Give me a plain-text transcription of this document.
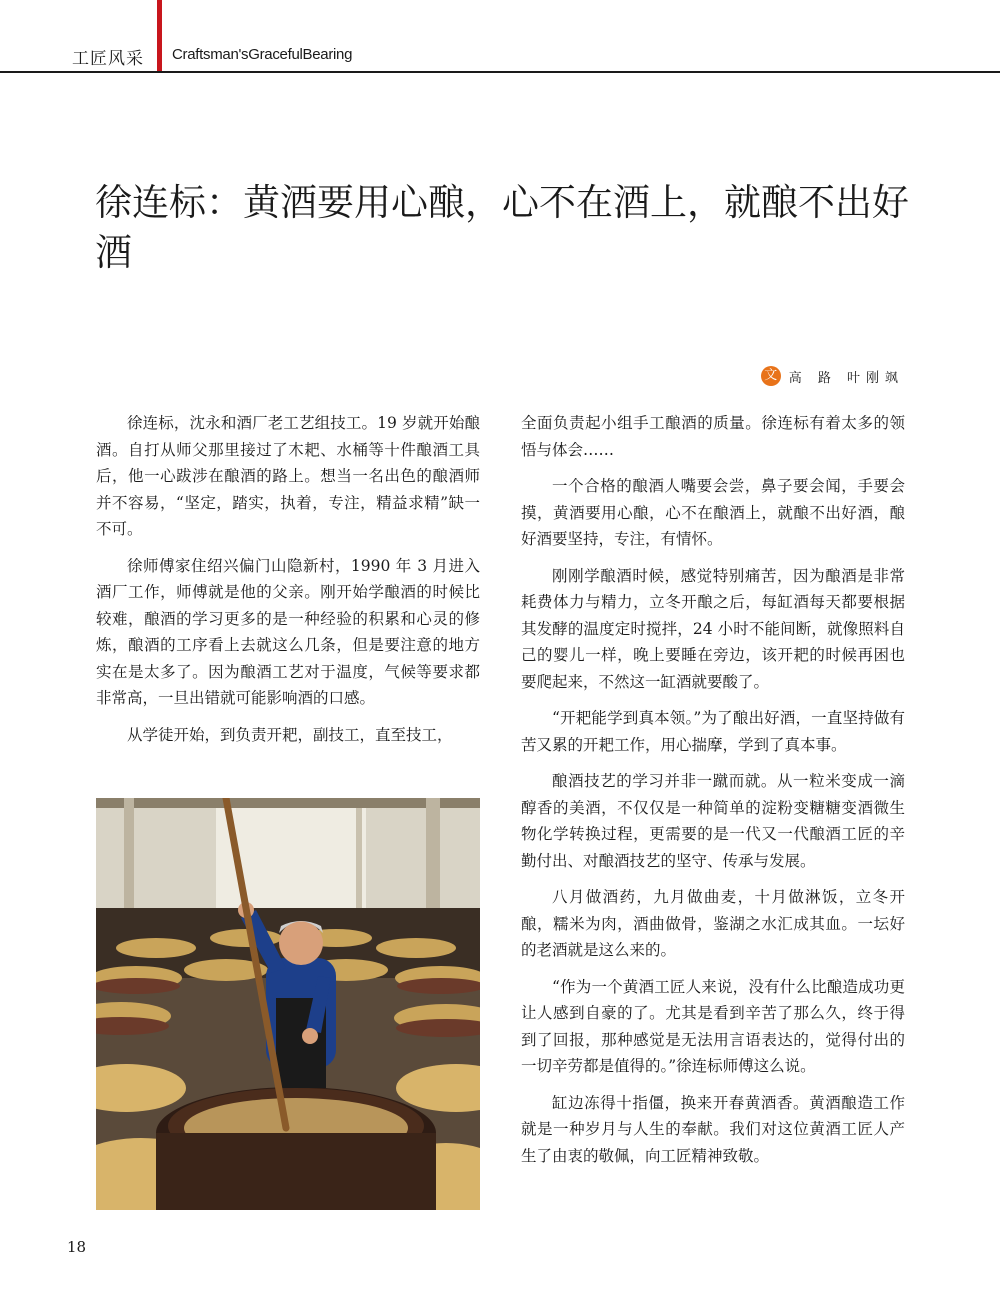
工匠风采 Craftsman'sGracefulBearing
徐连标：黄酒要用心酿，心不在酒上，就酿不出好酒
文 高 路 叶刚飒

徐连标，沈永和酒厂老工艺组技工。19 岁就开始酿酒。自打从师父那里接过了木耙、水桶等十件酿酒工具后，他一心跋涉在酿酒的路上。想当一名出色的酿酒师并不容易，“坚定，踏实，执着，专注，精益求精”缺一不可。

徐师傅家住绍兴偏门山隐新村，1990 年 3 月进入酒厂工作，师傅就是他的父亲。刚开始学酿酒的时候比较难，酿酒的学习更多的是一种经验的积累和心灵的修炼，酿酒的工序看上去就这么几条，但是要注意的地方实在是太多了。因为酿酒工艺对于温度，气候等要求都非常高，一旦出错就可能影响酒的口感。

从学徒开始，到负责开耙，副技工，直至技工，

全面负责起小组手工酿酒的质量。徐连标有着太多的领悟与体会……

一个合格的酿酒人嘴要会尝，鼻子要会闻，手要会摸，黄酒要用心酿，心不在酿酒上，就酿不出好酒，酿好酒要坚持，专注，有情怀。

刚刚学酿酒时候，感觉特别痛苦，因为酿酒是非常耗费体力与精力，立冬开酿之后，每缸酒每天都要根据其发酵的温度定时搅拌，24 小时不能间断，就像照料自己的婴儿一样，晚上要睡在旁边，该开耙的时候再困也要爬起来，不然这一缸酒就要酸了。

“开耙能学到真本领。”为了酿出好酒，一直坚持做有苦又累的开耙工作，用心揣摩，学到了真本事。

酿酒技艺的学习并非一蹴而就。从一粒米变成一滴醇香的美酒，不仅仅是一种简单的淀粉变糖糖变酒微生物化学转换过程，更需要的是一代又一代酿酒工匠的辛勤付出、对酿酒技艺的坚守、传承与发展。

八月做酒药，九月做曲麦，十月做淋饭，立冬开酿，糯米为肉，酒曲做骨，鉴湖之水汇成其血。一坛好的老酒就是这么来的。

“作为一个黄酒工匠人来说，没有什么比酿造成功更让人感到自豪的了。尤其是看到辛苦了那么久，终于得到了回报，那种感觉是无法用言语表达的，觉得付出的一切辛劳都是值得的。”徐连标师傅这么说。

缸边冻得十指僵，换来开春黄酒香。黄酒酿造工作就是一种岁月与人生的奉献。我们对这位黄酒工匠人产生了由衷的敬佩，向工匠精神致敬。

18
